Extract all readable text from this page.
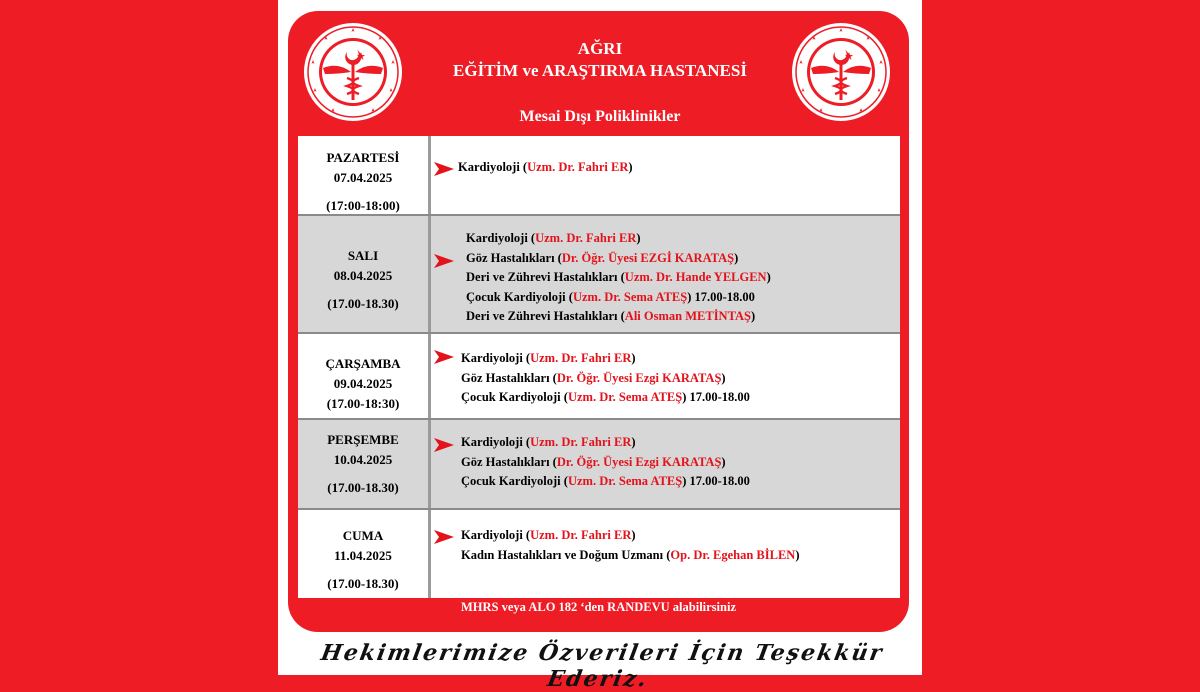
AĞRI
EĞİTİM ve ARAŞTIRMA HASTANESİ
Mesai Dışı Poliklinikler
PAZARTESİ
07.04.2025
(17:00-18:00)
Kardiyoloji (Uzm. Dr. Fahri ER)
SALI
08.04.2025
(17.00-18.30)
Kardiyoloji (Uzm. Dr. Fahri ER)
Göz Hastalıkları (Dr. Öğr. Üyesi EZGİ KARATAŞ)
Deri ve Zührevi Hastalıkları (Uzm. Dr. Hande YELGEN)
Çocuk Kardiyoloji (Uzm. Dr. Sema ATEŞ) 17.00-18.00
Deri ve Zührevi Hastalıkları (Ali Osman METİNTAŞ)
ÇARŞAMBA
09.04.2025
(17.00-18:30)
Kardiyoloji (Uzm. Dr. Fahri ER)
Göz Hastalıkları (Dr. Öğr. Üyesi Ezgi KARATAŞ)
Çocuk Kardiyoloji (Uzm. Dr. Sema ATEŞ) 17.00-18.00
PERŞEMBE
10.04.2025
(17.00-18.30)
Kardiyoloji (Uzm. Dr. Fahri ER)
Göz Hastalıkları (Dr. Öğr. Üyesi Ezgi KARATAŞ)
Çocuk Kardiyoloji (Uzm. Dr. Sema ATEŞ) 17.00-18.00
CUMA
11.04.2025
(17.00-18.30)
Kardiyoloji (Uzm. Dr. Fahri ER)
Kadın Hastalıkları ve Doğum Uzmanı (Op. Dr. Egehan BİLEN)
MHRS veya ALO 182 ‘den RANDEVU alabilirsiniz
Hekimlerimize Özverileri İçin Teşekkür Ederiz.
